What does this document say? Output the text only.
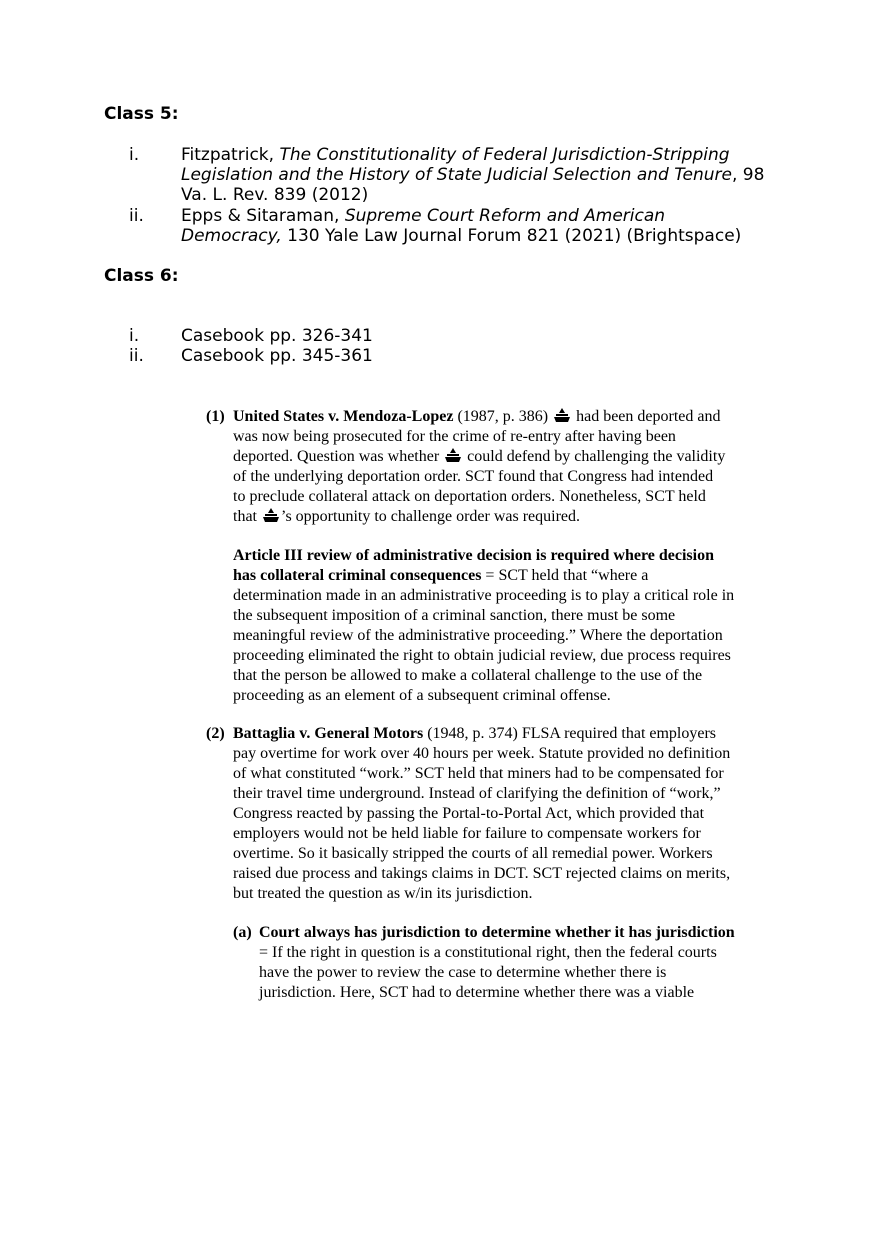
Class 5:
i.	Fitzpatrick, The Constitutionality of Federal Jurisdiction-Stripping
Legislation and the History of State Judicial Selection and Tenure, 98
Va. L. Rev. 839 (2012)
ii.	Epps & Sitaraman, Supreme Court Reform and American
Democracy, 130 Yale Law Journal Forum 821 (2021) (Brightspace)
Class 6:
i.	Casebook pp. 326-341
ii.	Casebook pp. 345-361
(1) United States v. Mendoza-Lopez (1987, p. 386)  had been deported and
was now being prosecuted for the crime of re-entry after having been
deported. Question was whether  could defend by challenging the validity
of the underlying deportation order. SCT found that Congress had intended
to preclude collateral attack on deportation orders. Nonetheless, SCT held
that ’s opportunity to challenge order was required.
Article III review of administrative decision is required where decision
has collateral criminal consequences = SCT held that “where a
determination made in an administrative proceeding is to play a critical role in
the subsequent imposition of a criminal sanction, there must be some
meaningful review of the administrative proceeding.” Where the deportation
proceeding eliminated the right to obtain judicial review, due process requires
that the person be allowed to make a collateral challenge to the use of the
proceeding as an element of a subsequent criminal offense.
(2) Battaglia v. General Motors (1948, p. 374) FLSA required that employers
pay overtime for work over 40 hours per week. Statute provided no definition
of what constituted “work.” SCT held that miners had to be compensated for
their travel time underground. Instead of clarifying the definition of “work,”
Congress reacted by passing the Portal-to-Portal Act, which provided that
employers would not be held liable for failure to compensate workers for
overtime. So it basically stripped the courts of all remedial power. Workers
raised due process and takings claims in DCT. SCT rejected claims on merits,
but treated the question as w/in its jurisdiction.
(a) Court always has jurisdiction to determine whether it has jurisdiction
= If the right in question is a constitutional right, then the federal courts
have the power to review the case to determine whether there is
jurisdiction. Here, SCT had to determine whether there was a viable
